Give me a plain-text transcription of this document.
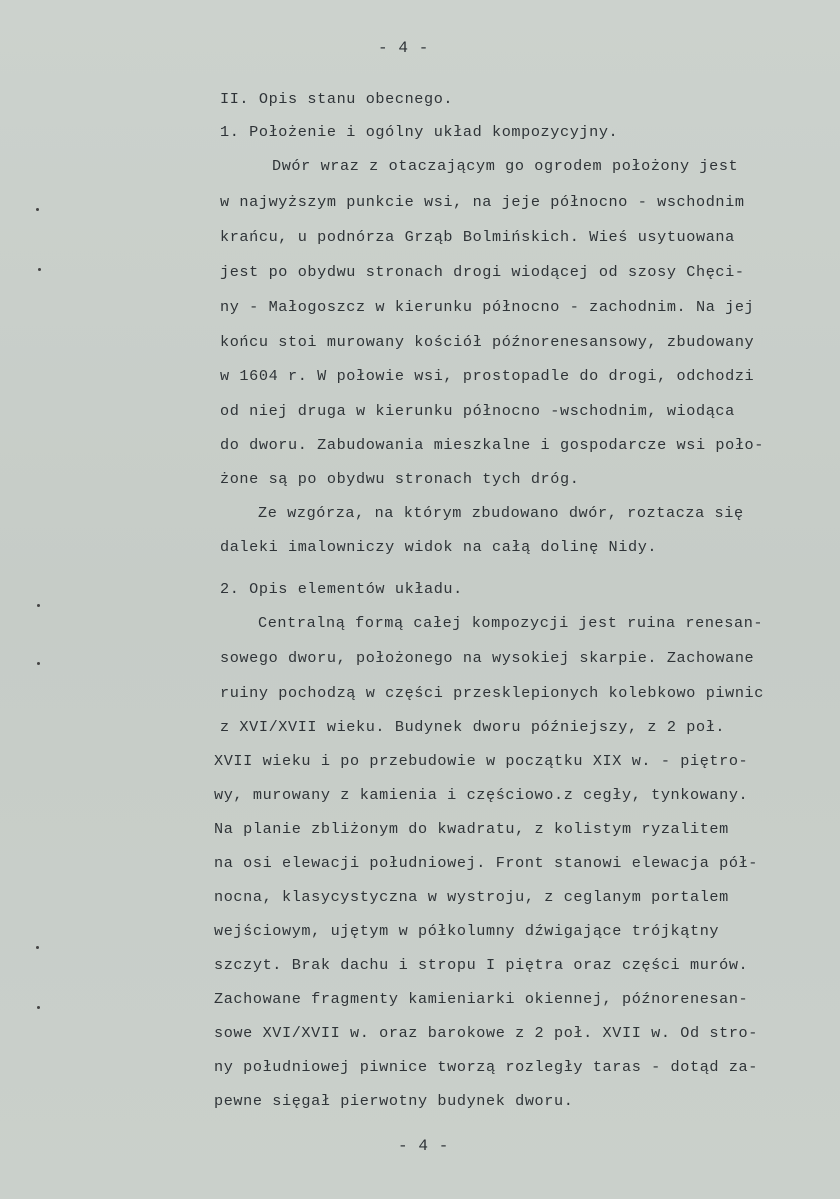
- 4 -
II. Opis stanu obecnego.
1. Położenie i ogólny układ kompozycyjny.
Dwór wraz z otaczającym go ogrodem położony jest
w najwyższym punkcie wsi, na jeje północno - wschodnim
krańcu, u podnórza Grząb Bolmińskich. Wieś usytuowana
jest po obydwu stronach drogi wiodącej od szosy Chęci-
ny - Małogoszcz w kierunku północno - zachodnim. Na jej
końcu stoi murowany kościół późnorenesansowy, zbudowany
w 1604 r. W połowie wsi, prostopadle do drogi, odchodzi
od niej druga w kierunku północno -wschodnim, wiodąca
do dworu. Zabudowania mieszkalne i gospodarcze wsi poło-
żone są po obydwu stronach tych dróg.
Ze wzgórza, na którym zbudowano dwór, roztacza się
daleki imalowniczy widok na całą dolinę Nidy.
2. Opis elementów układu.
Centralną formą całej kompozycji jest ruina renesan-
sowego dworu, położonego na wysokiej skarpie. Zachowane
ruiny pochodzą w części przesklepionych kolebkowo piwnic
z XVI/XVII wieku. Budynek dworu późniejszy, z 2 poł.
XVII wieku i po przebudowie w początku XIX w. - piętro-
wy, murowany z kamienia i częściowo.z cegły, tynkowany.
Na planie zbliżonym do kwadratu, z kolistym ryzalitem
na osi elewacji południowej. Front stanowi elewacja pół-
nocna, klasycystyczna w wystroju, z ceglanym portalem
wejściowym, ujętym w półkolumny dźwigające trójkątny
szczyt. Brak dachu i stropu I piętra oraz części murów.
Zachowane fragmenty kamieniarki okiennej, późnorenesan-
sowe XVI/XVII w. oraz barokowe z 2 poł. XVII w. Od stro-
ny południowej piwnice tworzą rozległy taras - dotąd za-
pewne sięgał pierwotny budynek dworu.
- 4 -
